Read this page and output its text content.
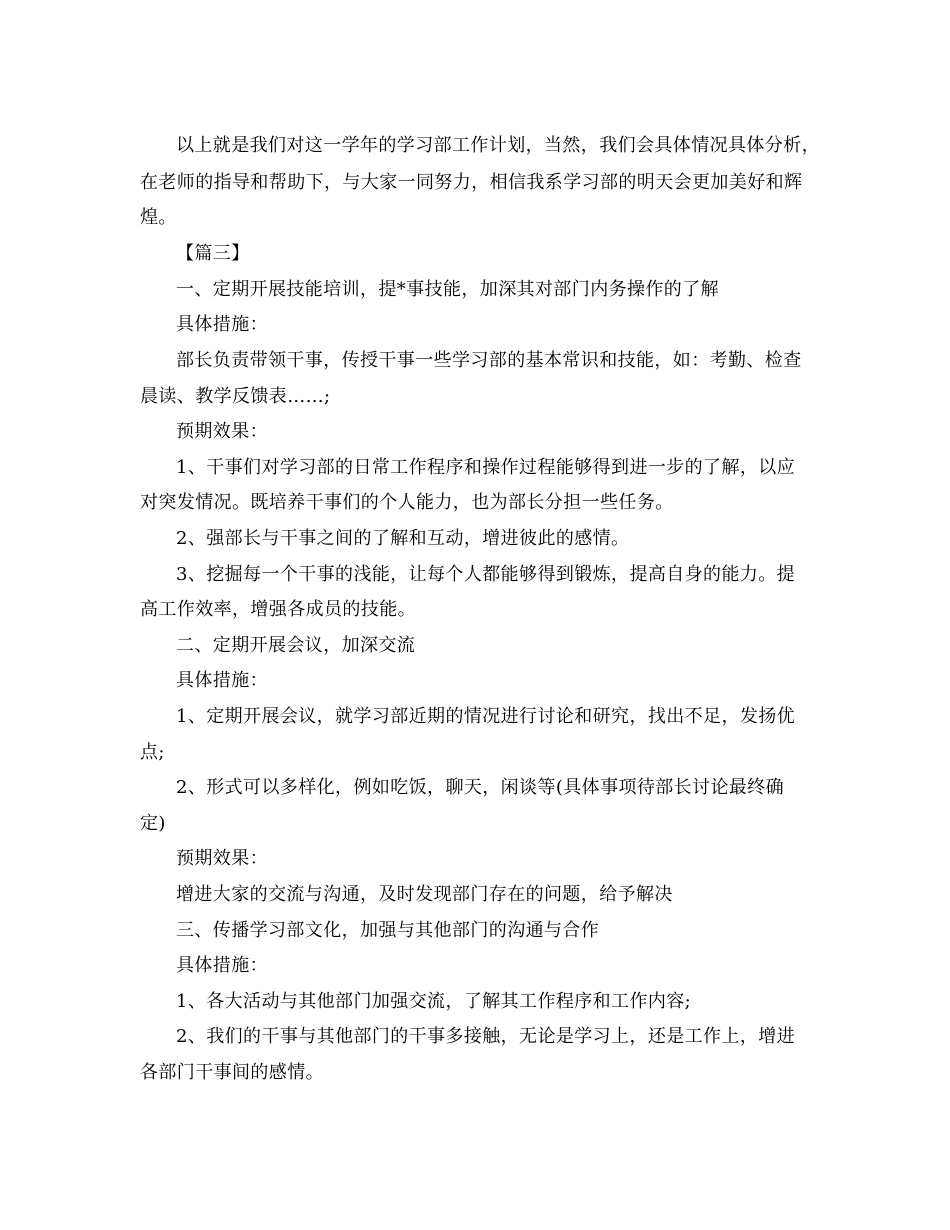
以上就是我们对这一学年的学习部工作计划，当然，我们会具体情况具体分析，
在老师的指导和帮助下，与大家一同努力，相信我系学习部的明天会更加美好和辉
煌。
【篇三】
一、定期开展技能培训，提*事技能，加深其对部门内务操作的了解
具体措施：
部长负责带领干事，传授干事一些学习部的基本常识和技能，如：考勤、检查
晨读、教学反馈表……;
预期效果：
1、干事们对学习部的日常工作程序和操作过程能够得到进一步的了解，以应
对突发情况。既培养干事们的个人能力，也为部长分担一些任务。
2、强部长与干事之间的了解和互动，增进彼此的感情。
3、挖掘每一个干事的浅能，让每个人都能够得到锻炼，提高自身的能力。提
高工作效率，增强各成员的技能。
二、定期开展会议，加深交流
具体措施：
1、定期开展会议，就学习部近期的情况进行讨论和研究，找出不足，发扬优
点;
2、形式可以多样化，例如吃饭，聊天，闲谈等(具体事项待部长讨论最终确
定)
预期效果：
增进大家的交流与沟通，及时发现部门存在的问题，给予解决
三、传播学习部文化，加强与其他部门的沟通与合作
具体措施：
1、各大活动与其他部门加强交流，了解其工作程序和工作内容;
2、我们的干事与其他部门的干事多接触，无论是学习上，还是工作上，增进
各部门干事间的感情。
